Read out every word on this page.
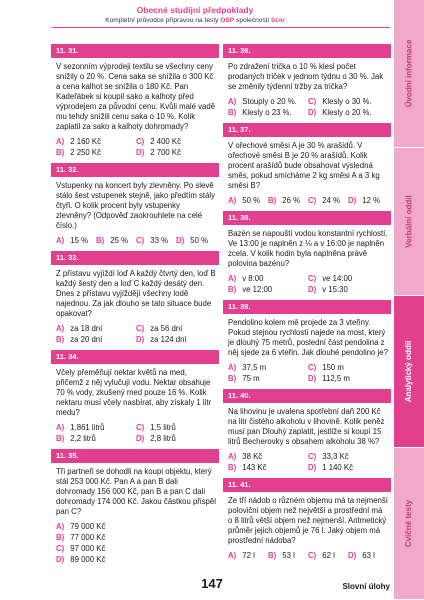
Obecné studijní předpoklady
Kompletní průvodce přípravou na testy OSP společnosti Scio
11. 31.
V sezonním výprodeji textilu se všechny ceny snížily o 20 %. Cena saka se snížila o 300 Kč a cena kalhot se snížila o 180 Kč. Pan Kadeřábek si koupil sako a kalhoty před výprodejem za původní cenu. Kvůli malé vadě mu tehdy snížili cenu saka o 10 %. Kolik zaplatil za sako a kalhoty dohromady?
A) 2 160 Kč	C) 2 400 Kč
B) 2 250 Kč	D) 2 700 Kč
11. 32.
Vstupenky na koncert byly zlevněny. Po slevě stálo šest vstupenek stejně, jako předtím stály čtyři. O kolik procent byly vstupenky zlevněny? (Odpověď zaokrouhlete na celé číslo.)
A) 15 %	B) 25 %	C) 33 %	D) 50 %
11. 33.
Z přístavu vyjíždí loď A každý čtvrtý den, loď B každý šestý den a loď C každý desátý den. Dnes z přístavu vyjíždějí všechny lodě najednou. Za jak dlouho se tato situace bude opakovat?
A) za 18 dní	C) za 56 dní
B) za 20 dní	D) za 124 dní
11. 34.
Včely přeměňují nektar květů na med, přičemž z něj vylučují vodu. Nektar obsahuje 70 % vody, zkušený med pouze 16 %. Kolik nektaru musí včely nasbírat, aby získaly 1 litr medu?
A) 1,861 litrů	C) 1,5 litrů
B) 2,2 litrů	D) 2,8 litrů
11. 35.
Tři partneři se dohodli na koupi objektu, který stál 253 000 Kč. Pan A a pan B dali dohromady 156 000 Kč, pan B a pan C dali dohromady 174 000 Kč. Jakou částkou přispěl pan C?
A) 79 000 Kč
B) 77 000 Kč
C) 97 000 Kč
D) 89 000 Kč
11. 36.
Po zdražení trička o 10 % klesl počet prodaných triček v jednom týdnu o 30 %. Jak se změnily týdenní tržby za trička?
A) Stouply o 20 %.	C) Klesly o 30 %.
B) Klesly o 23 %.	D) Klesly o 20 %.
11. 37.
V ořechové směsi A je 30 % arašídů. V ořechové směsi B je 20 % arašídů. Kolik procent arašídů bude obsahovat výsledná směs, pokud smícháme 2 kg směsi A a 3 kg směsi B?
A) 50 %	B) 26 %	C) 24 %	D) 12 %
11. 38.
Bazén se napouští vodou konstantní rychlostí. Ve 13:00 je naplněn z ⅛ a v 16:00 je naplněn zcela. V kolik hodin byla naplněna právě polovina bazénu?
A) v 8:00	C) ve 14:00
B) ve 12:00	D) v 15:30
11. 39.
Pendolino kolem mě projede za 3 vteřiny. Pokud stejnou rychlostí najede na most, který je dlouhý 75 metrů, poslední část pendolina z něj sjede za 6 vteřin. Jak dlouhé pendolino je?
A) 37,5 m	C) 150 m
B) 75 m	D) 112,5 m
11. 40.
Na lihovinu je uvalena spotřební daň 200 Kč na litr čistého alkoholu v lihovině. Kolik peněz musí pan Dlouhý zaplatit, jestliže si koupí 15 litrů Becherovky s obsahem alkoholu 38 %?
A) 38 Kč	C) 33,3 Kč
B) 143 Kč	D) 1 140 Kč
11. 41.
Ze tří nádob o různém objemu má ta nejmenší polovični objem než největší a prostřední má o 8 litrů větší objem než nejmenší. Aritmetický průměr jejich objemů je 76 l. Jaký objem má prostřední nádoba?
A) 72 l	B) 53 l	C) 62 l	D) 63 l
Úvodní informace
Verbální oddíl
Analytický oddíl
Cvičné testy
147	Slovní úlohy
